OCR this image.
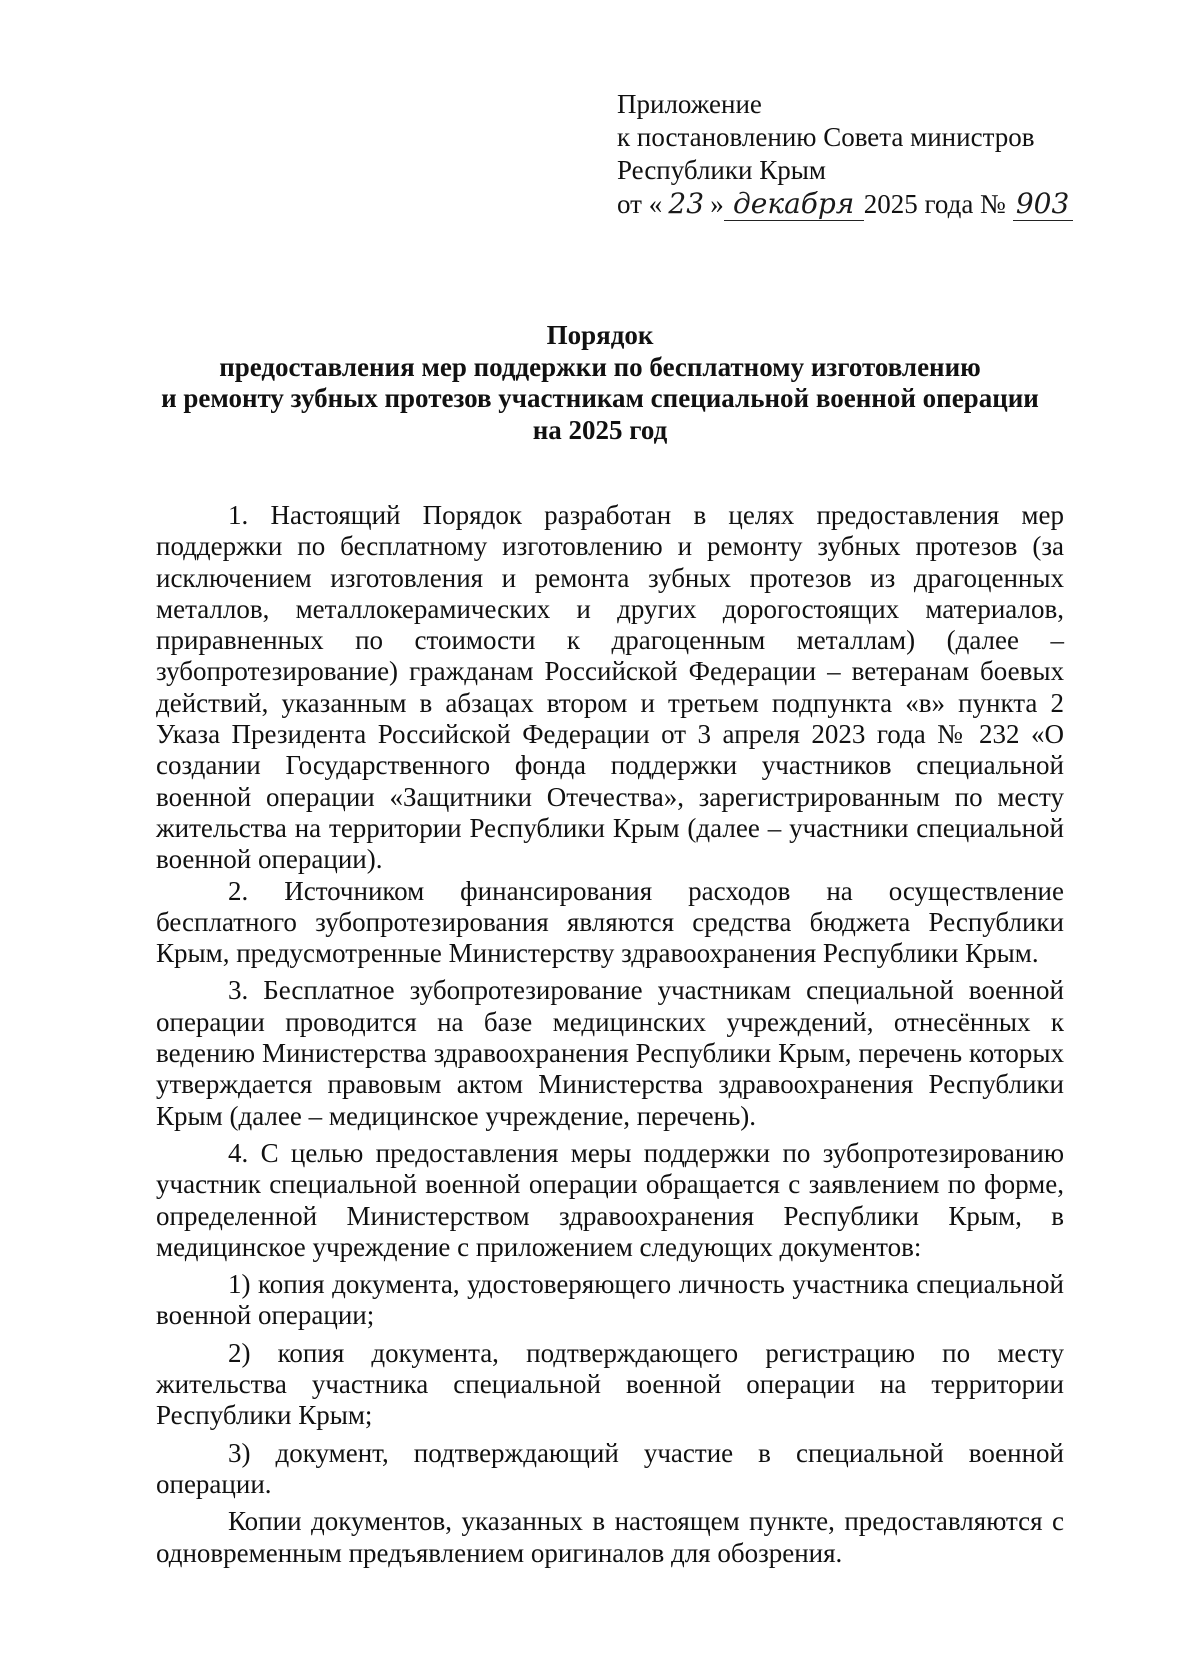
Приложение
к постановлению Совета министров
Республики Крым
от « 23 » декабря 2025 года № 903
Порядок
предоставления мер поддержки по бесплатному изготовлению
и ремонту зубных протезов участникам специальной военной операции
на 2025 год

1. Настоящий Порядок разработан в целях предоставления мер поддержки по бесплатному изготовлению и ремонту зубных протезов (за исключением изготовления и ремонта зубных протезов из драгоценных металлов, металлокерамических и других дорогостоящих материалов, приравненных по стоимости к драгоценным металлам) (далее – зубопротезирование) гражданам Российской Федерации – ветеранам боевых действий, указанным в абзацах втором и третьем подпункта «в» пункта 2 Указа Президента Российской Федерации от 3 апреля 2023 года № 232 «О создании Государственного фонда поддержки участников специальной военной операции «Защитники Отечества», зарегистрированным по месту жительства на территории Республики Крым (далее – участники специальной военной операции).

2. Источником финансирования расходов на осуществление бесплатного зубопротезирования являются средства бюджета Республики Крым, предусмотренные Министерству здравоохранения Республики Крым.

3. Бесплатное зубопротезирование участникам специальной военной операции проводится на базе медицинских учреждений, отнесённых к ведению Министерства здравоохранения Республики Крым, перечень которых утверждается правовым актом Министерства здравоохранения Республики Крым (далее – медицинское учреждение, перечень).

4. С целью предоставления меры поддержки по зубопротезированию участник специальной военной операции обращается с заявлением по форме, определенной Министерством здравоохранения Республики Крым, в медицинское учреждение с приложением следующих документов:

1) копия документа, удостоверяющего личность участника специальной военной операции;

2) копия документа, подтверждающего регистрацию по месту жительства участника специальной военной операции на территории Республики Крым;

3) документ, подтверждающий участие в специальной военной операции.

Копии документов, указанных в настоящем пункте, предоставляются с одновременным предъявлением оригиналов для обозрения.
